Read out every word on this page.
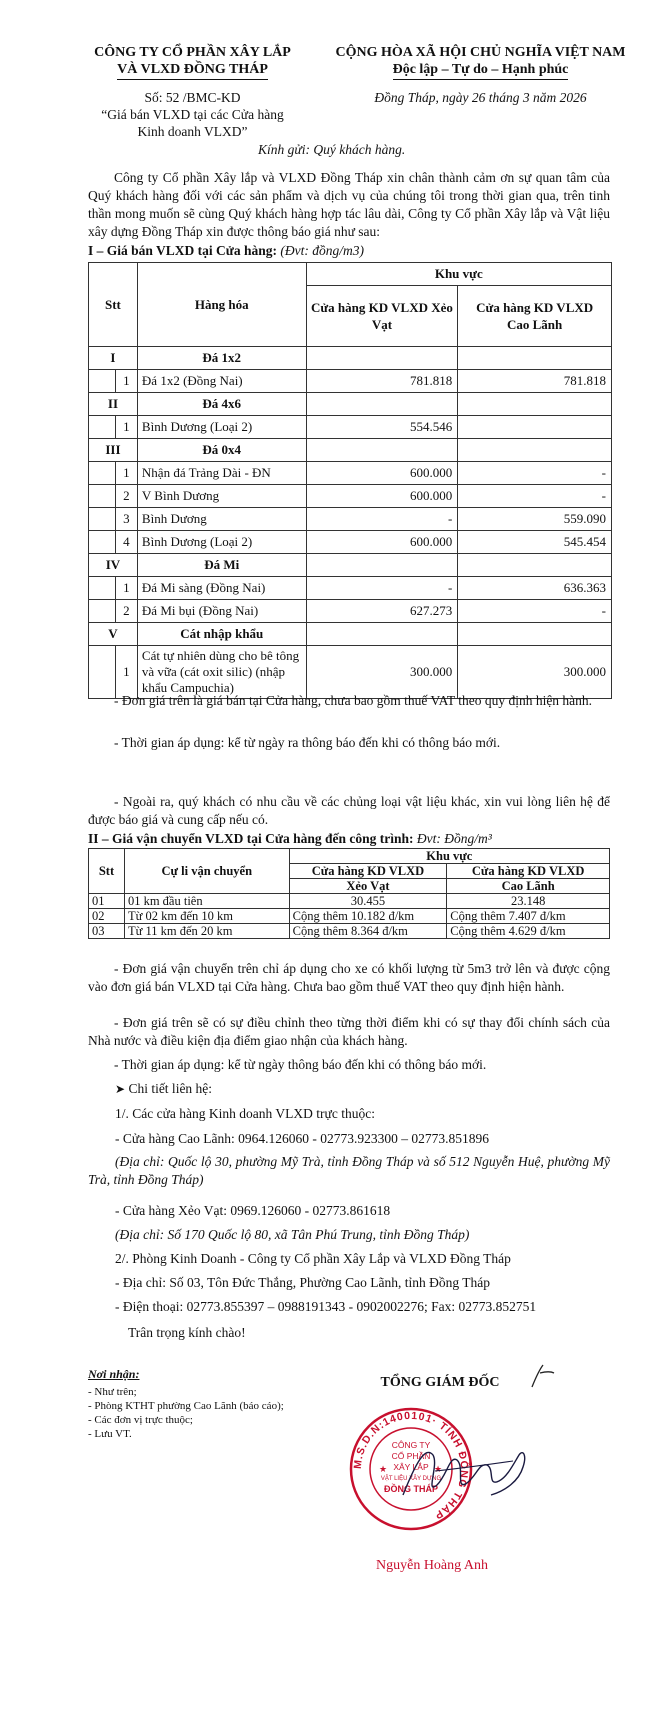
CÔNG TY CỔ PHẦN XÂY LẮP
VÀ VLXD ĐỒNG THÁP
Số: 52 /BMC-KD
“Giá bán VLXD tại các Cửa hàng
Kinh doanh VLXD”
CỘNG HÒA XÃ HỘI CHỦ NGHĨA VIỆT NAM
Độc lập – Tự do – Hạnh phúc
Đồng Tháp, ngày 26 tháng 3 năm 2026
Kính gửi: Quý khách hàng.
Công ty Cổ phần Xây lắp và VLXD Đồng Tháp xin chân thành cảm ơn sự quan tâm của Quý khách hàng đối với các sản phẩm và dịch vụ của chúng tôi trong thời gian qua, trên tinh thần mong muốn sẽ cùng Quý khách hàng hợp tác lâu dài, Công ty Cổ phần Xây lắp và Vật liệu xây dựng Đồng Tháp xin được thông báo giá như sau:
I – Giá bán VLXD tại Cửa hàng: (Đvt: đồng/m3)
Stt		Hàng hóa	Khu vực	
			Cửa hàng KD VLXD Xẻo Vạt	Cửa hàng KD VLXD
Cao Lãnh

I		Đá 1x2		
	1	Đá 1x2 (Đồng Nai)	781.818	781.818
II		Đá 4x6		
	1	Bình Dương (Loại 2)	554.546	
III		Đá 0x4		
	1	Nhận đá Trảng Dài - ĐN	600.000	-
	2	V Bình Dương	600.000	-
	3	Bình Dương	-	559.090
	4	Bình Dương (Loại 2)	600.000	545.454
IV		Đá Mi		
	1	Đá Mi sàng (Đồng Nai)	-	636.363
	2	Đá Mi bụi (Đồng Nai)	627.273	-
V		Cát nhập khẩu		
	1	Cát tự nhiên dùng cho bê tông và vữa (cát oxit silic) (nhập khẩu Campuchia)	300.000	300.000
- Đơn giá trên là giá bán tại Cửa hàng, chưa bao gồm thuế VAT theo quy định hiện hành.
- Thời gian áp dụng: kể từ ngày ra thông báo đến khi có thông báo mới.
- Ngoài ra, quý khách có nhu cầu về các chủng loại vật liệu khác, xin vui lòng liên hệ để được báo giá và cung cấp nếu có.
II – Giá vận chuyển VLXD tại Cửa hàng đến công trình: Đvt: Đồng/m³
Stt	Cự li vận chuyển	Khu vực	
		Cửa hàng KD VLXD	Cửa hàng KD VLXD
		Xẻo Vạt	Cao Lãnh
01	01 km đầu tiên	30.455	23.148
02	Từ 02 km đến 10 km	Cộng thêm 10.182 đ/km	Cộng thêm 7.407 đ/km
03	Từ 11 km đến 20 km	Cộng thêm 8.364 đ/km	Cộng thêm 4.629 đ/km
- Đơn giá vận chuyển trên chỉ áp dụng cho xe có khối lượng từ 5m3 trở lên và được cộng vào đơn giá bán VLXD tại Cửa hàng. Chưa bao gồm thuế VAT theo quy định hiện hành.
- Đơn giá trên sẽ có sự điều chỉnh theo từng thời điểm khi có sự thay đổi chính sách của Nhà nước và điều kiện địa điểm giao nhận của khách hàng.
- Thời gian áp dụng: kể từ ngày thông báo đến khi có thông báo mới.
➤ Chi tiết liên hệ:
1/. Các cửa hàng Kinh doanh VLXD trực thuộc:
- Cửa hàng Cao Lãnh: 0964.126060 - 02773.923300 – 02773.851896
(Địa chỉ: Quốc lộ 30, phường Mỹ Trà, tỉnh Đồng Tháp và số 512 Nguyễn Huệ, phường Mỹ Trà, tỉnh Đồng Tháp)
- Cửa hàng Xẻo Vạt: 0969.126060 - 02773.861618
(Địa chỉ: Số 170 Quốc lộ 80, xã Tân Phú Trung, tỉnh Đồng Tháp)
2/. Phòng Kinh Doanh - Công ty Cổ phần Xây Lắp và VLXD Đồng Tháp
- Địa chỉ: Số 03, Tôn Đức Thắng, Phường Cao Lãnh, tỉnh Đồng Tháp
- Điện thoại: 02773.855397 – 0988191343 - 0902002276; Fax: 02773.852751
Trân trọng kính chào!
Nơi nhận:
- Như trên;
- Phòng KTHT phường Cao Lãnh (báo cáo);
- Các đơn vị trực thuộc;
- Lưu VT.
TỔNG GIÁM ĐỐC
M.S.D.N:1400101· TỈNH ĐỒNG THÁP
CÔNG TY
CỔ PHẦN
XÂY LẮP
VẬT LIỆU XÂY DỰNG
ĐỒNG THÁP
★	★
Nguyễn Hoàng Anh
